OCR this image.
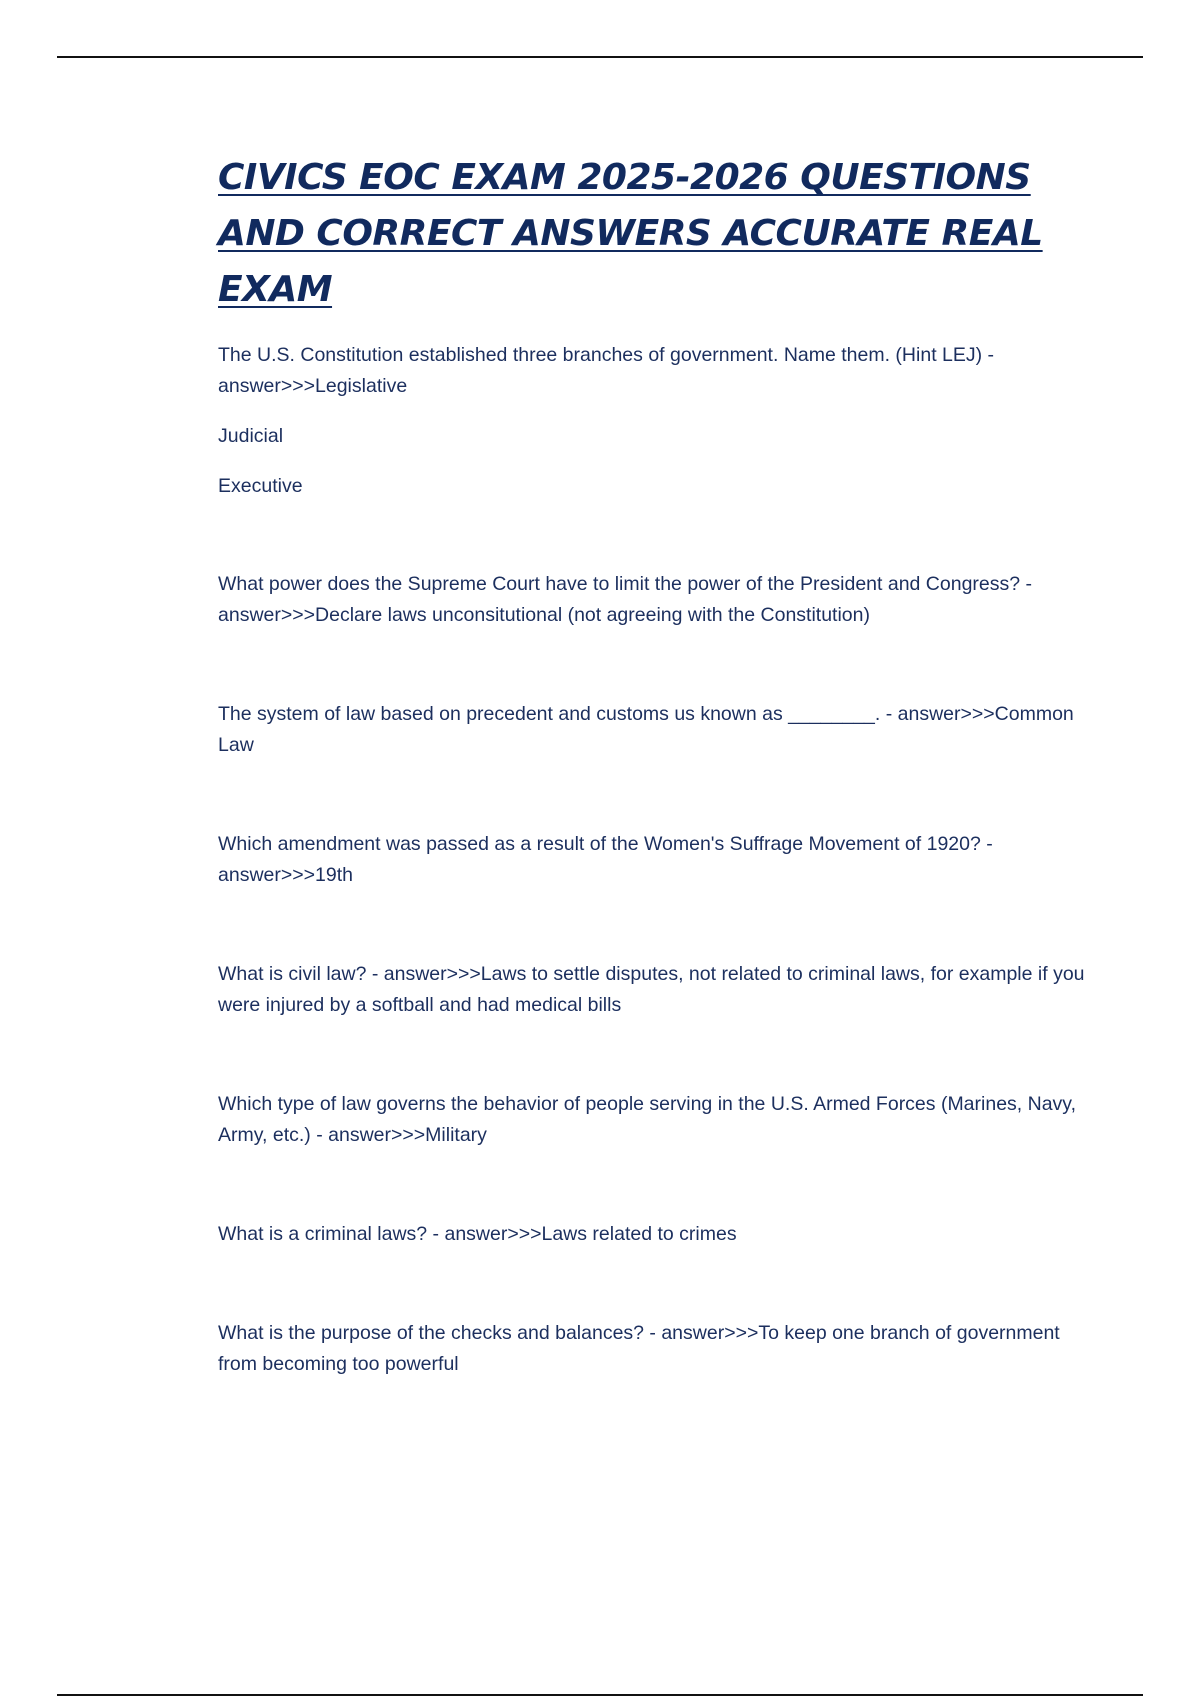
CIVICS EOC EXAM 2025-2026 QUESTIONS AND CORRECT ANSWERS ACCURATE REAL EXAM

The U.S. Constitution established three branches of government. Name them. (Hint LEJ) - answer>>>Legislative

Judicial

Executive

What power does the Supreme Court have to limit the power of the President and Congress? - answer>>>Declare laws unconsitutional (not agreeing with the Constitution)

The system of law based on precedent and customs us known as ________. - answer>>>Common Law

Which amendment was passed as a result of the Women's Suffrage Movement of 1920? - answer>>>19th

What is civil law? - answer>>>Laws to settle disputes, not related to criminal laws, for example if you were injured by a softball and had medical bills

Which type of law governs the behavior of people serving in the U.S. Armed Forces (Marines, Navy, Army, etc.) - answer>>>Military

What is a criminal laws? - answer>>>Laws related to crimes

What is the purpose of the checks and balances? - answer>>>To keep one branch of government from becoming too powerful
